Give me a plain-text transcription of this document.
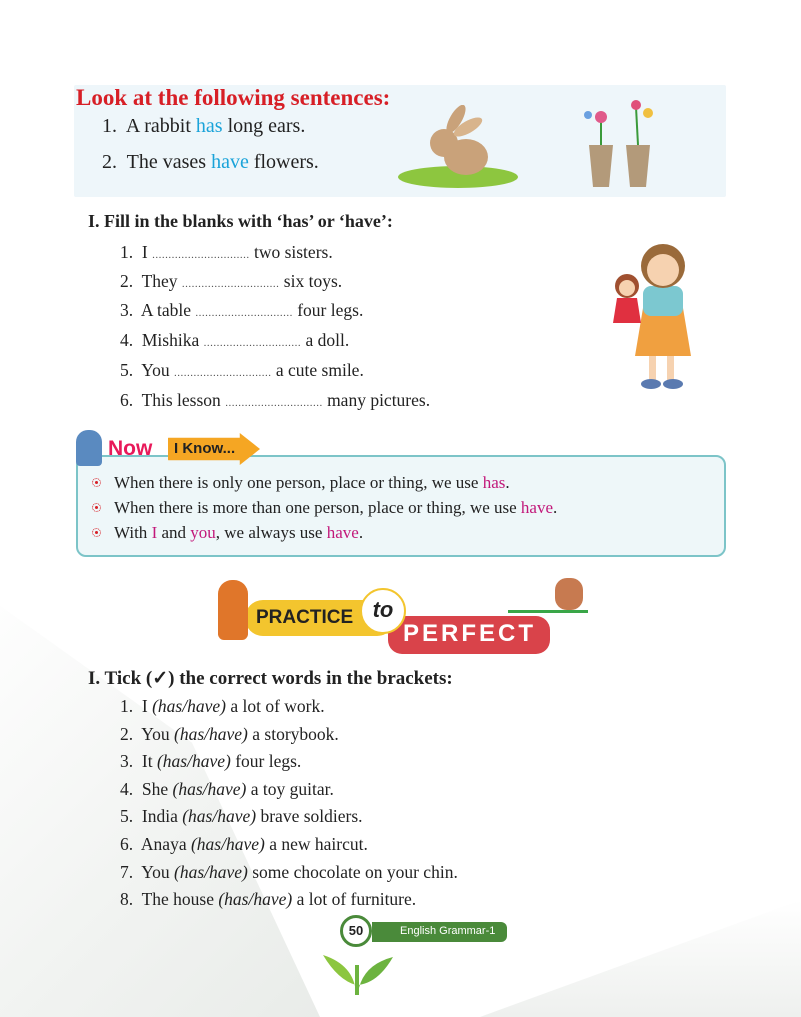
Look at the following sentences:
1. A rabbit has long ears.
2. The vases have flowers.
I. Fill in the blanks with ‘has’ or ‘have’:
1. I .............................. two sisters.
2. They .............................. six toys.
3. A table .............................. four legs.
4. Mishika .............................. a doll.
5. You .............................. a cute smile.
6. This lesson .............................. many pictures.
When there is only one person, place or thing, we use has.
When there is more than one person, place or thing, we use have.
With I and you, we always use have.
Now I Know...
PRACTICE
PERFECT
to
I. Tick (✓) the correct words in the brackets:
1. I (has/have) a lot of work.
2. You (has/have) a storybook.
3. It (has/have) four legs.
4. She (has/have) a toy guitar.
5. India (has/have) brave soldiers.
6. Anaya (has/have) a new haircut.
7. You (has/have) some chocolate on your chin.
8. The house (has/have) a lot of furniture.
English Grammar-1
50
